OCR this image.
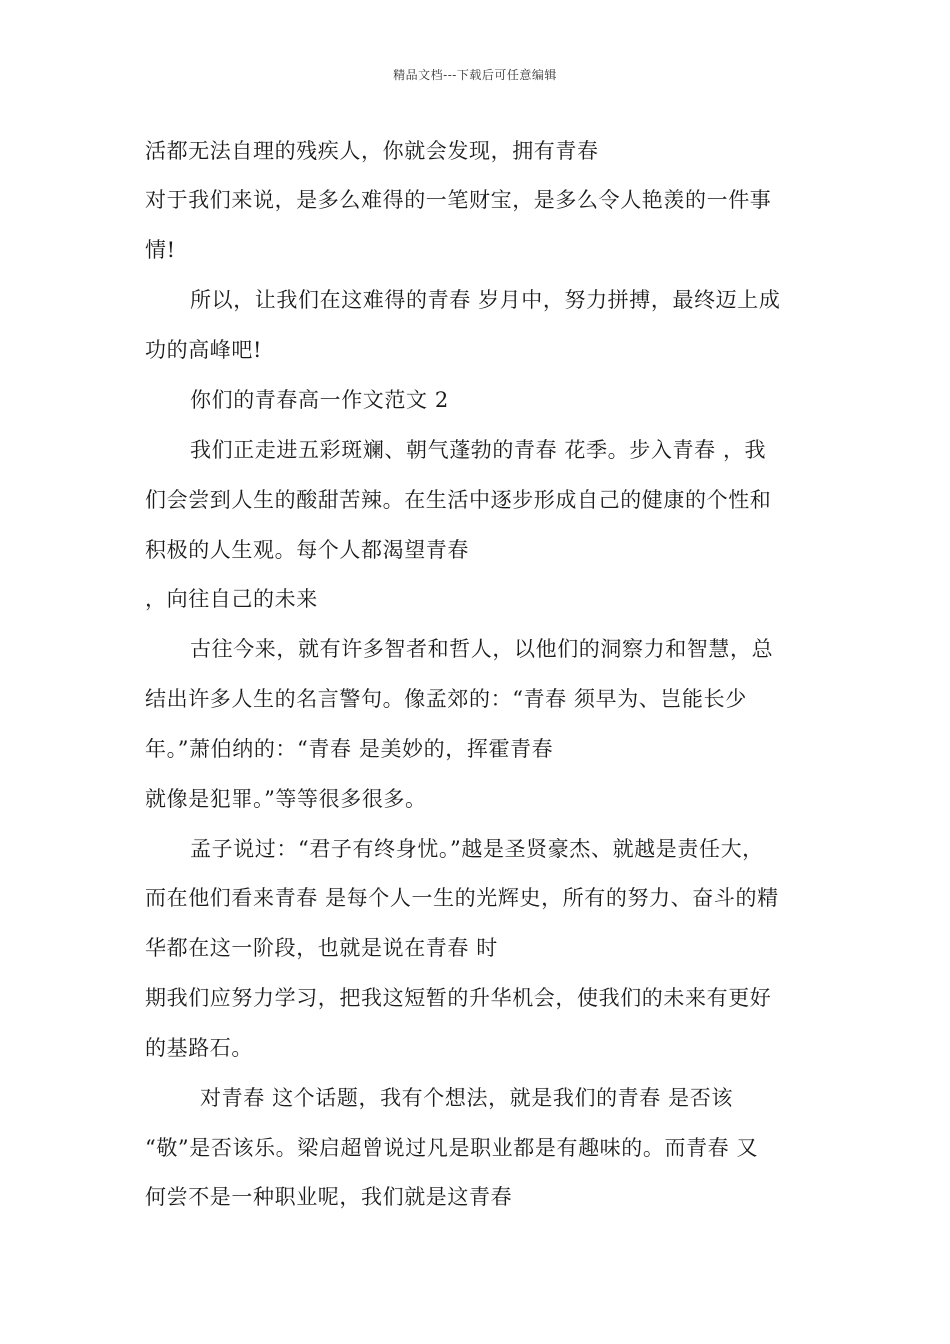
精品文档---下载后可任意编辑
活都无法自理的残疾人，你就会发现，拥有青春
对于我们来说，是多么难得的一笔财宝，是多么令人艳羡的一件事
情!
所以，让我们在这难得的青春 岁月中，努力拼搏，最终迈上成
功的高峰吧!
你们的青春高一作文范文 2
我们正走进五彩斑斓、朝气蓬勃的青春 花季。步入青春 ，我
们会尝到人生的酸甜苦辣。在生活中逐步形成自己的健康的个性和
积极的人生观。每个人都渴望青春
，向往自己的未来
古往今来，就有许多智者和哲人，以他们的洞察力和智慧，总
结出许多人生的名言警句。像孟郊的：“青春 须早为、岂能长少
年。”萧伯纳的：“青春 是美妙的，挥霍青春
就像是犯罪。”等等很多很多。
孟子说过：“君子有终身忧。”越是圣贤豪杰、就越是责任大，
而在他们看来青春 是每个人一生的光辉史，所有的努力、奋斗的精
华都在这一阶段，也就是说在青春 时
期我们应努力学习，把我这短暂的升华机会，使我们的未来有更好
的基路石。
对青春 这个话题，我有个想法，就是我们的青春 是否该
“敬”是否该乐。梁启超曾说过凡是职业都是有趣味的。而青春 又
何尝不是一种职业呢，我们就是这青春
